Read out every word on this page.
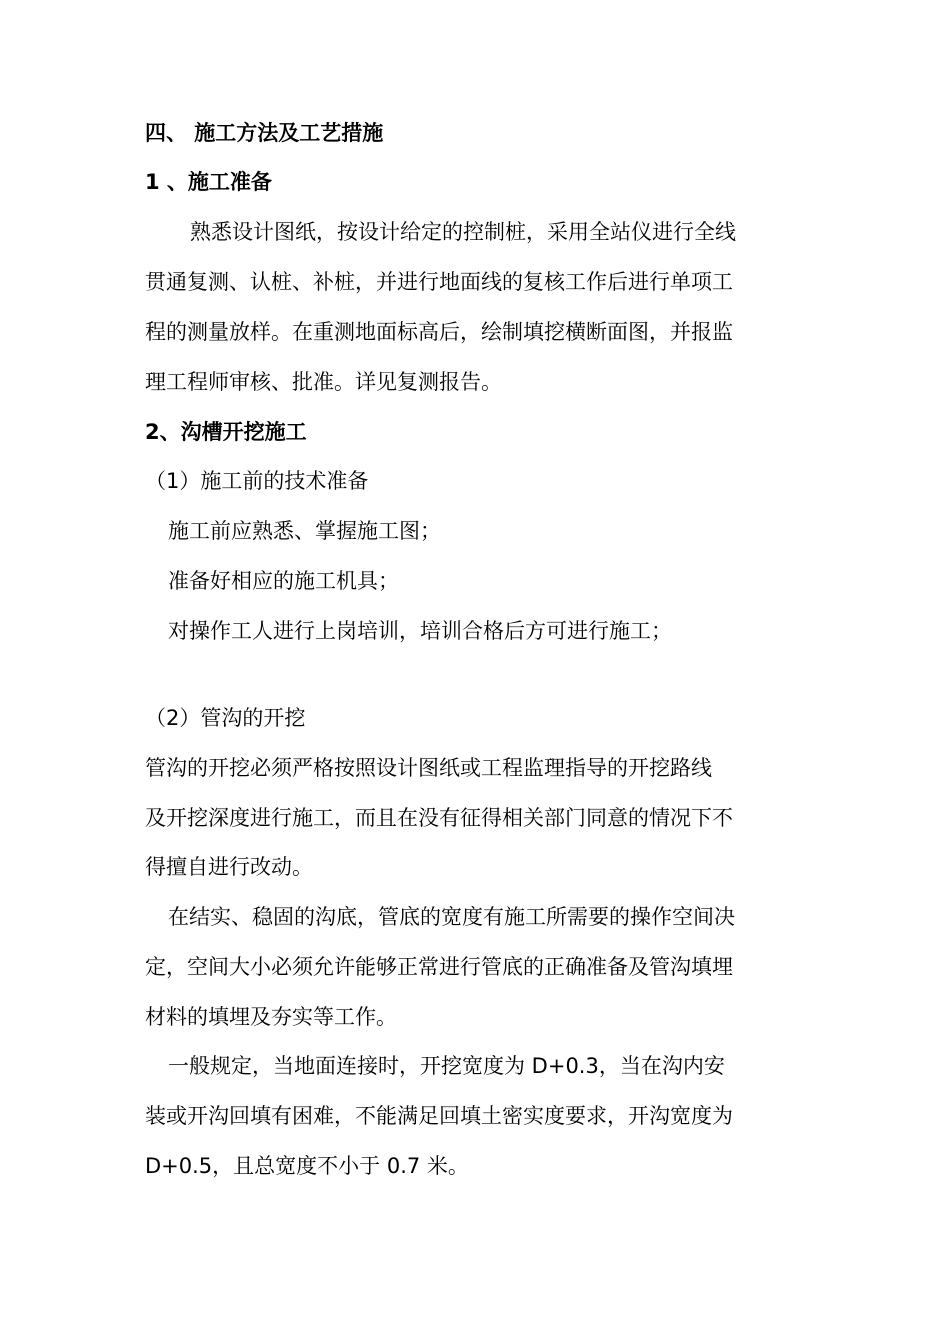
四、 施工方法及工艺措施
1 、施工准备
熟悉设计图纸，按设计给定的控制桩，采用全站仪进行全线
贯通复测、认桩、补桩，并进行地面线的复核工作后进行单项工
程的测量放样。在重测地面标高后，绘制填挖横断面图，并报监
理工程师审核、批准。详见复测报告。
2、沟槽开挖施工
（1）施工前的技术准备
施工前应熟悉、掌握施工图；
准备好相应的施工机具；
对操作工人进行上岗培训，培训合格后方可进行施工；
（2）管沟的开挖
管沟的开挖必须严格按照设计图纸或工程监理指导的开挖路线
及开挖深度进行施工，而且在没有征得相关部门同意的情况下不
得擅自进行改动。
在结实、稳固的沟底，管底的宽度有施工所需要的操作空间决
定，空间大小必须允许能够正常进行管底的正确准备及管沟填埋
材料的填埋及夯实等工作。
一般规定，当地面连接时，开挖宽度为 D+0.3，当在沟内安
装或开沟回填有困难，不能满足回填土密实度要求，开沟宽度为
D+0.5，且总宽度不小于 0.7 米。
